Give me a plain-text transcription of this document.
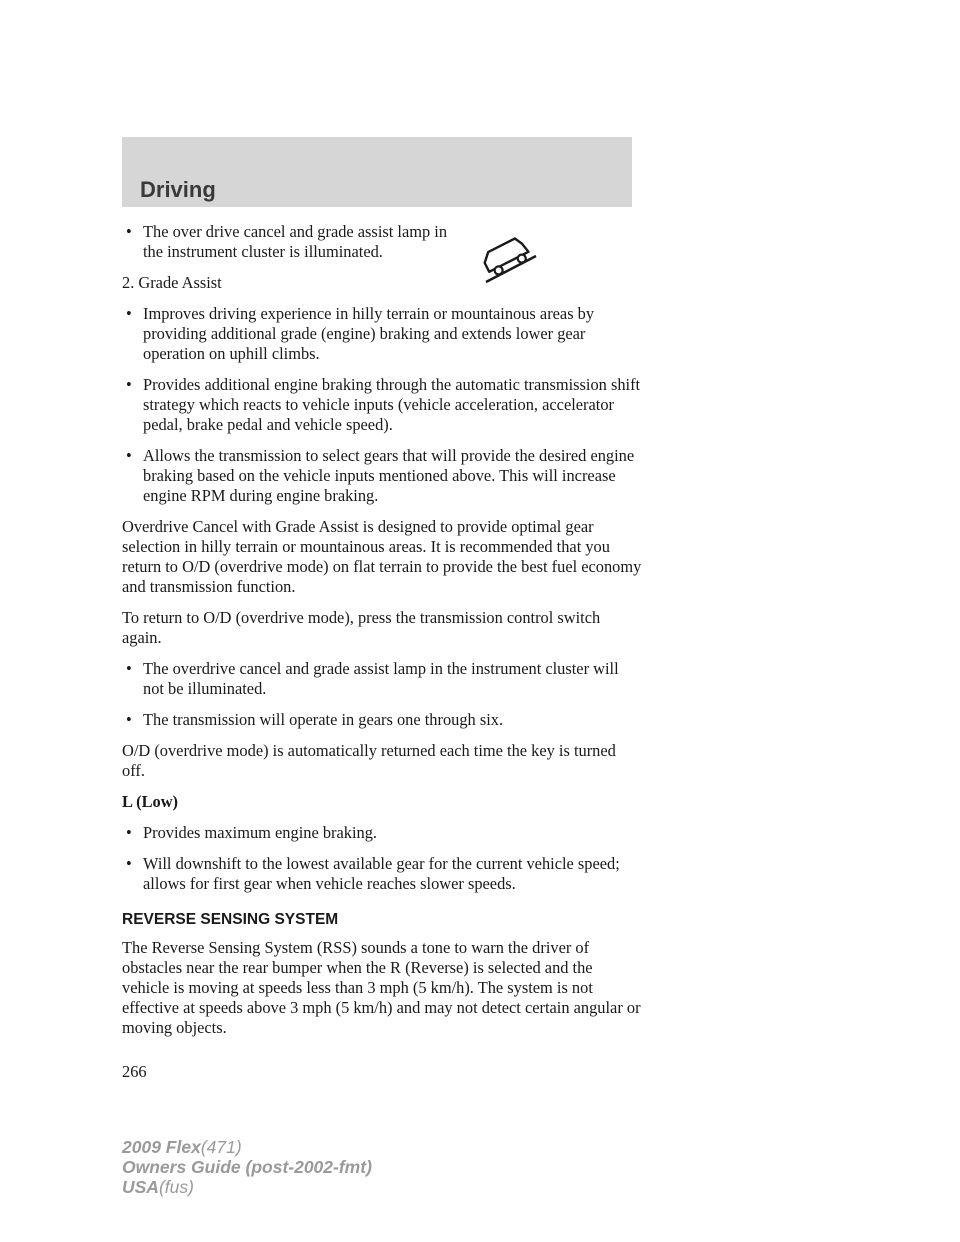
Driving
• The over drive cancel and grade assist lamp in the instrument cluster is illuminated.

2. Grade Assist

• Improves driving experience in hilly terrain or mountainous areas by providing additional grade (engine) braking and extends lower gear operation on uphill climbs.
• Provides additional engine braking through the automatic transmission shift strategy which reacts to vehicle inputs (vehicle acceleration, accelerator pedal, brake pedal and vehicle speed).
• Allows the transmission to select gears that will provide the desired engine braking based on the vehicle inputs mentioned above. This will increase engine RPM during engine braking.

Overdrive Cancel with Grade Assist is designed to provide optimal gear selection in hilly terrain or mountainous areas. It is recommended that you return to O/D (overdrive mode) on flat terrain to provide the best fuel economy and transmission function.

To return to O/D (overdrive mode), press the transmission control switch again.

• The overdrive cancel and grade assist lamp in the instrument cluster will not be illuminated.
• The transmission will operate in gears one through six.

O/D (overdrive mode) is automatically returned each time the key is turned off.

L (Low)
• Provides maximum engine braking.
• Will downshift to the lowest available gear for the current vehicle speed; allows for first gear when vehicle reaches slower speeds.
REVERSE SENSING SYSTEM

The Reverse Sensing System (RSS) sounds a tone to warn the driver of obstacles near the rear bumper when the R (Reverse) is selected and the vehicle is moving at speeds less than 3 mph (5 km/h). The system is not effective at speeds above 3 mph (5 km/h) and may not detect certain angular or moving objects.

266
2009 Flex(471)
Owners Guide (post-2002-fmt)
USA(fus)
